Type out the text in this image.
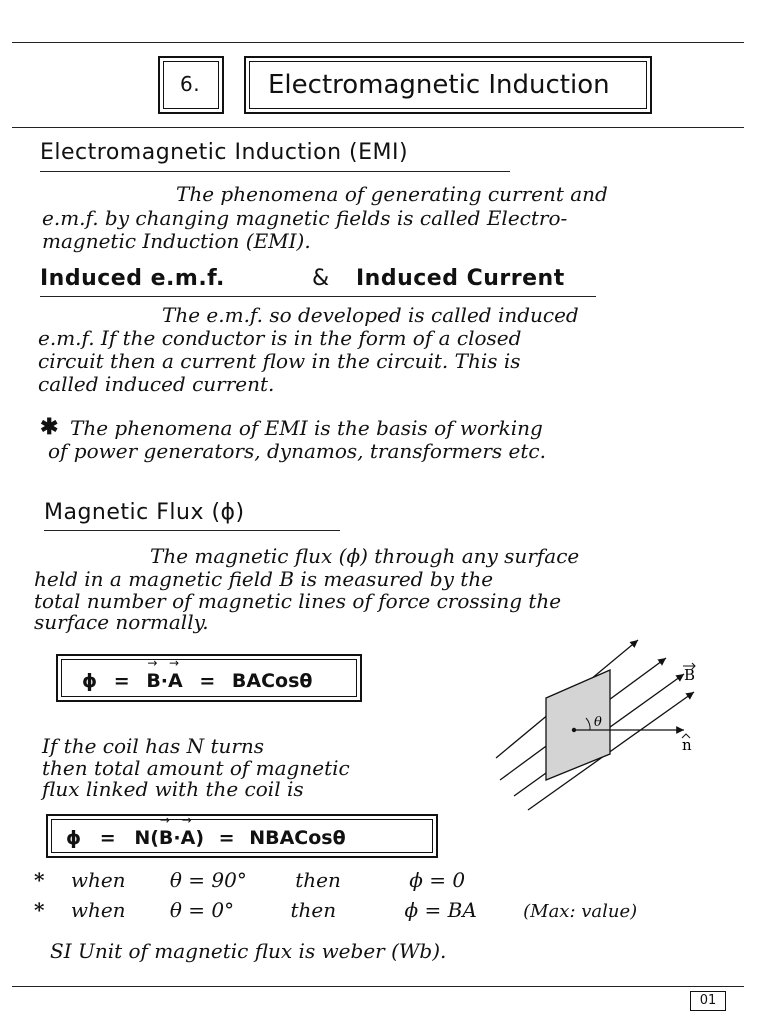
6.	Electromagnetic Induction
Electromagnetic Induction (EMI)
The phenomena of generating current and
e.m.f. by changing magnetic fields is called Electro-
magnetic Induction (EMI).
Induced e.m.f.	& Induced Current
The e.m.f. so developed is called induced
e.m.f. If the conductor is in the form of a closed
circuit then a current flow in the circuit. This is
called induced current.
✱ The phenomena of EMI is the basis of working
of power generators, dynamos, transformers etc.
Magnetic Flux (ϕ)
The magnetic flux (ϕ) through any surface
held in a magnetic field B is measured by the
total number of magnetic lines of force crossing the
surface normally.
ϕ = → B·→ A = BACosθ
If the coil has N turns
then total amount of magnetic
flux linked with the coil is
ϕ = N(→ B·→ A) = NBACosθ
* when θ = 90° then	ϕ = 0
* when θ = 0°	then	ϕ = BA	(Max: value)
SI Unit of magnetic flux is weber (Wb).
θ
B
n
01
